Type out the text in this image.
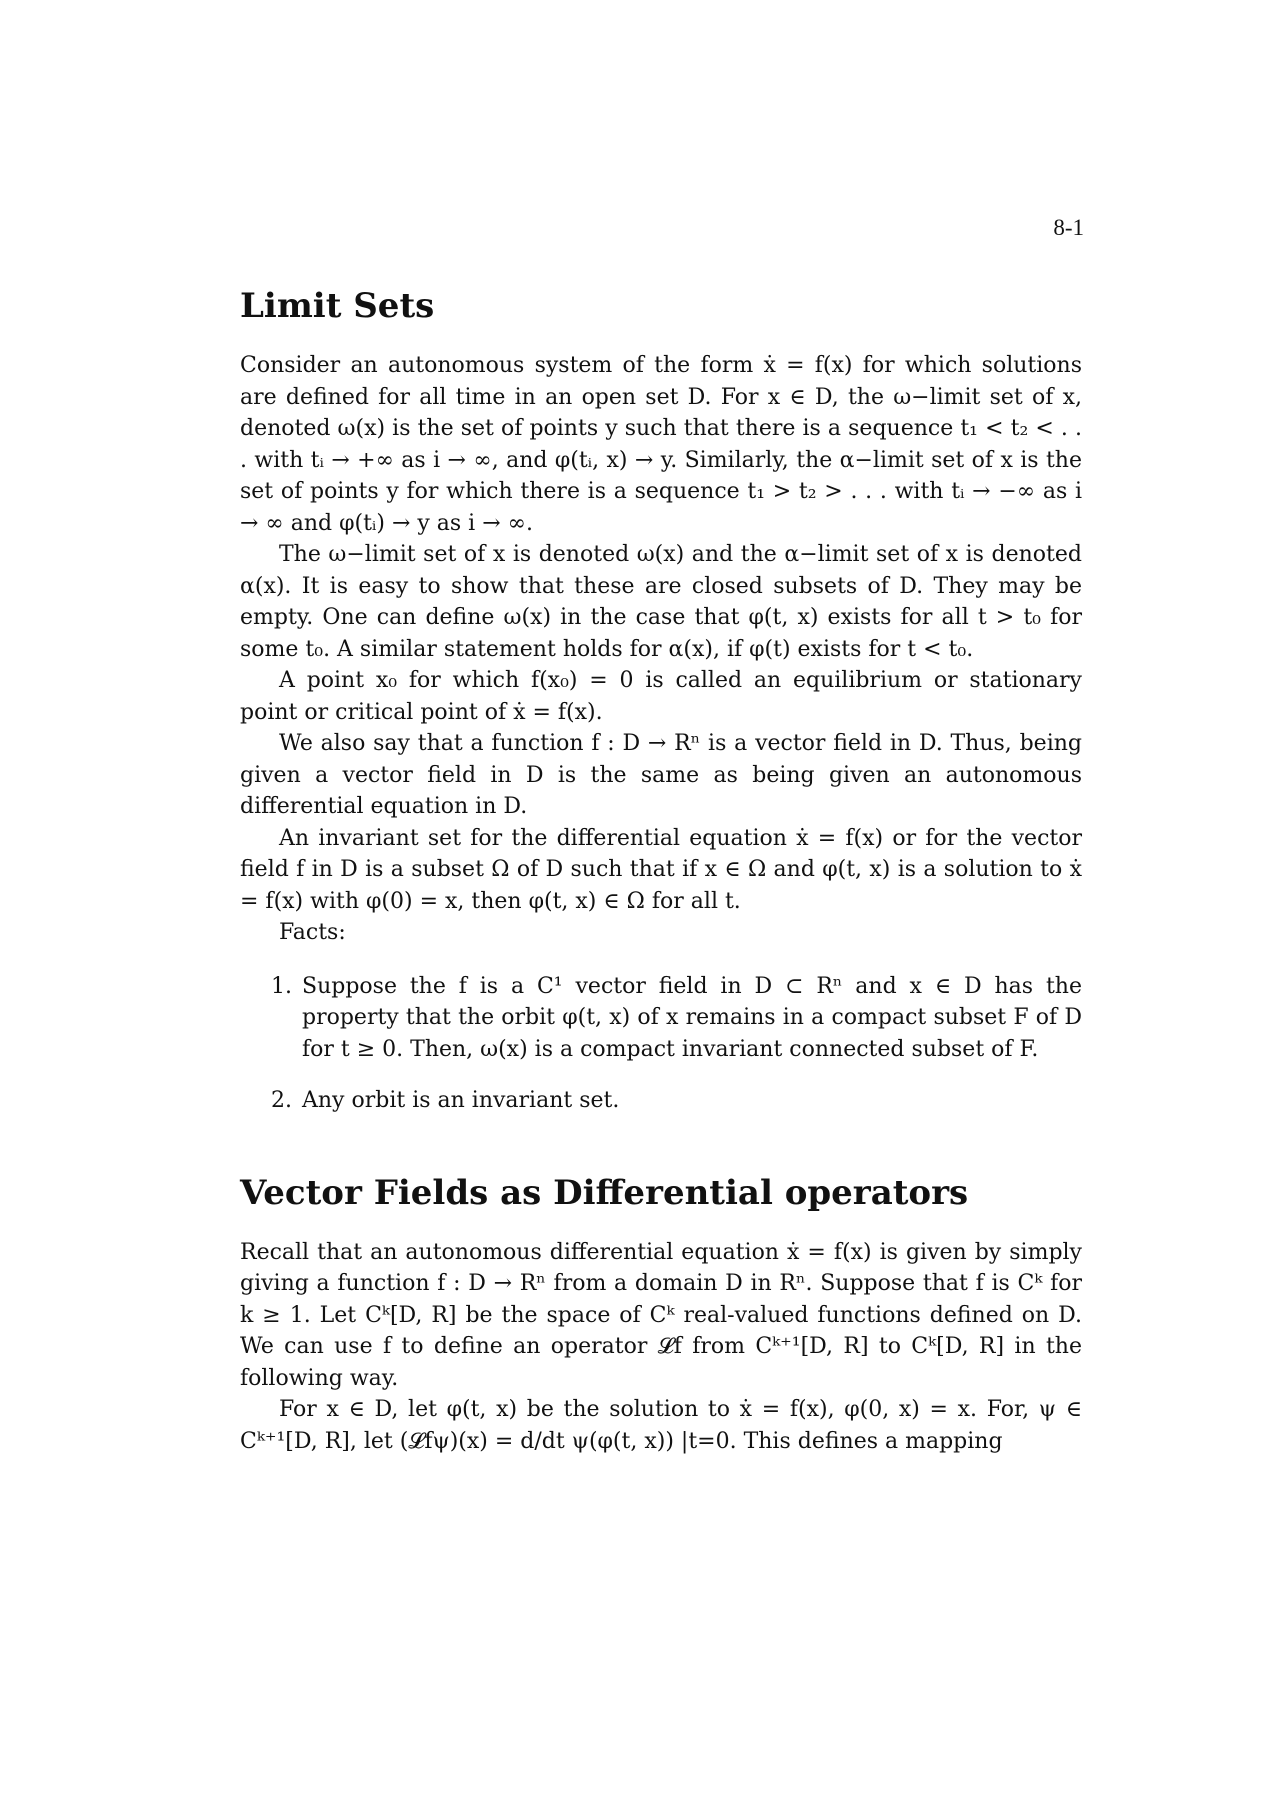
8-1
Limit Sets

Consider an autonomous system of the form ẋ = f(x) for which solutions are defined for all time in an open set D. For x ∈ D, the ω−limit set of x, denoted ω(x) is the set of points y such that there is a sequence t₁ < t₂ < . . . with tᵢ → +∞ as i → ∞, and φ(tᵢ, x) → y. Similarly, the α−limit set of x is the set of points y for which there is a sequence t₁ > t₂ > . . . with tᵢ → −∞ as i → ∞ and φ(tᵢ) → y as i → ∞.

The ω−limit set of x is denoted ω(x) and the α−limit set of x is denoted α(x). It is easy to show that these are closed subsets of D. They may be empty. One can define ω(x) in the case that φ(t, x) exists for all t > t₀ for some t₀. A similar statement holds for α(x), if φ(t) exists for t < t₀.

A point x₀ for which f(x₀) = 0 is called an equilibrium or stationary point or critical point of ẋ = f(x).

We also say that a function f : D → Rⁿ is a vector field in D. Thus, being given a vector field in D is the same as being given an autonomous differential equation in D.

An invariant set for the differential equation ẋ = f(x) or for the vector field f in D is a subset Ω of D such that if x ∈ Ω and φ(t, x) is a solution to ẋ = f(x) with φ(0) = x, then φ(t, x) ∈ Ω for all t.

Facts:

1. Suppose the f is a C¹ vector field in D ⊂ Rⁿ and x ∈ D has the property that the orbit φ(t, x) of x remains in a compact subset F of D for t ≥ 0. Then, ω(x) is a compact invariant connected subset of F.
2. Any orbit is an invariant set.
Vector Fields as Differential operators

Recall that an autonomous differential equation ẋ = f(x) is given by simply giving a function f : D → Rⁿ from a domain D in Rⁿ. Suppose that f is Cᵏ for k ≥ 1. Let Cᵏ[D, R] be the space of Cᵏ real-valued functions defined on D. We can use f to define an operator 𝓛f from Cᵏ⁺¹[D, R] to Cᵏ[D, R] in the following way.

For x ∈ D, let φ(t, x) be the solution to ẋ = f(x), φ(0, x) = x. For, ψ ∈ Cᵏ⁺¹[D, R], let (𝓛fψ)(x) = d/dt ψ(φ(t, x)) |t=0. This defines a mapping
